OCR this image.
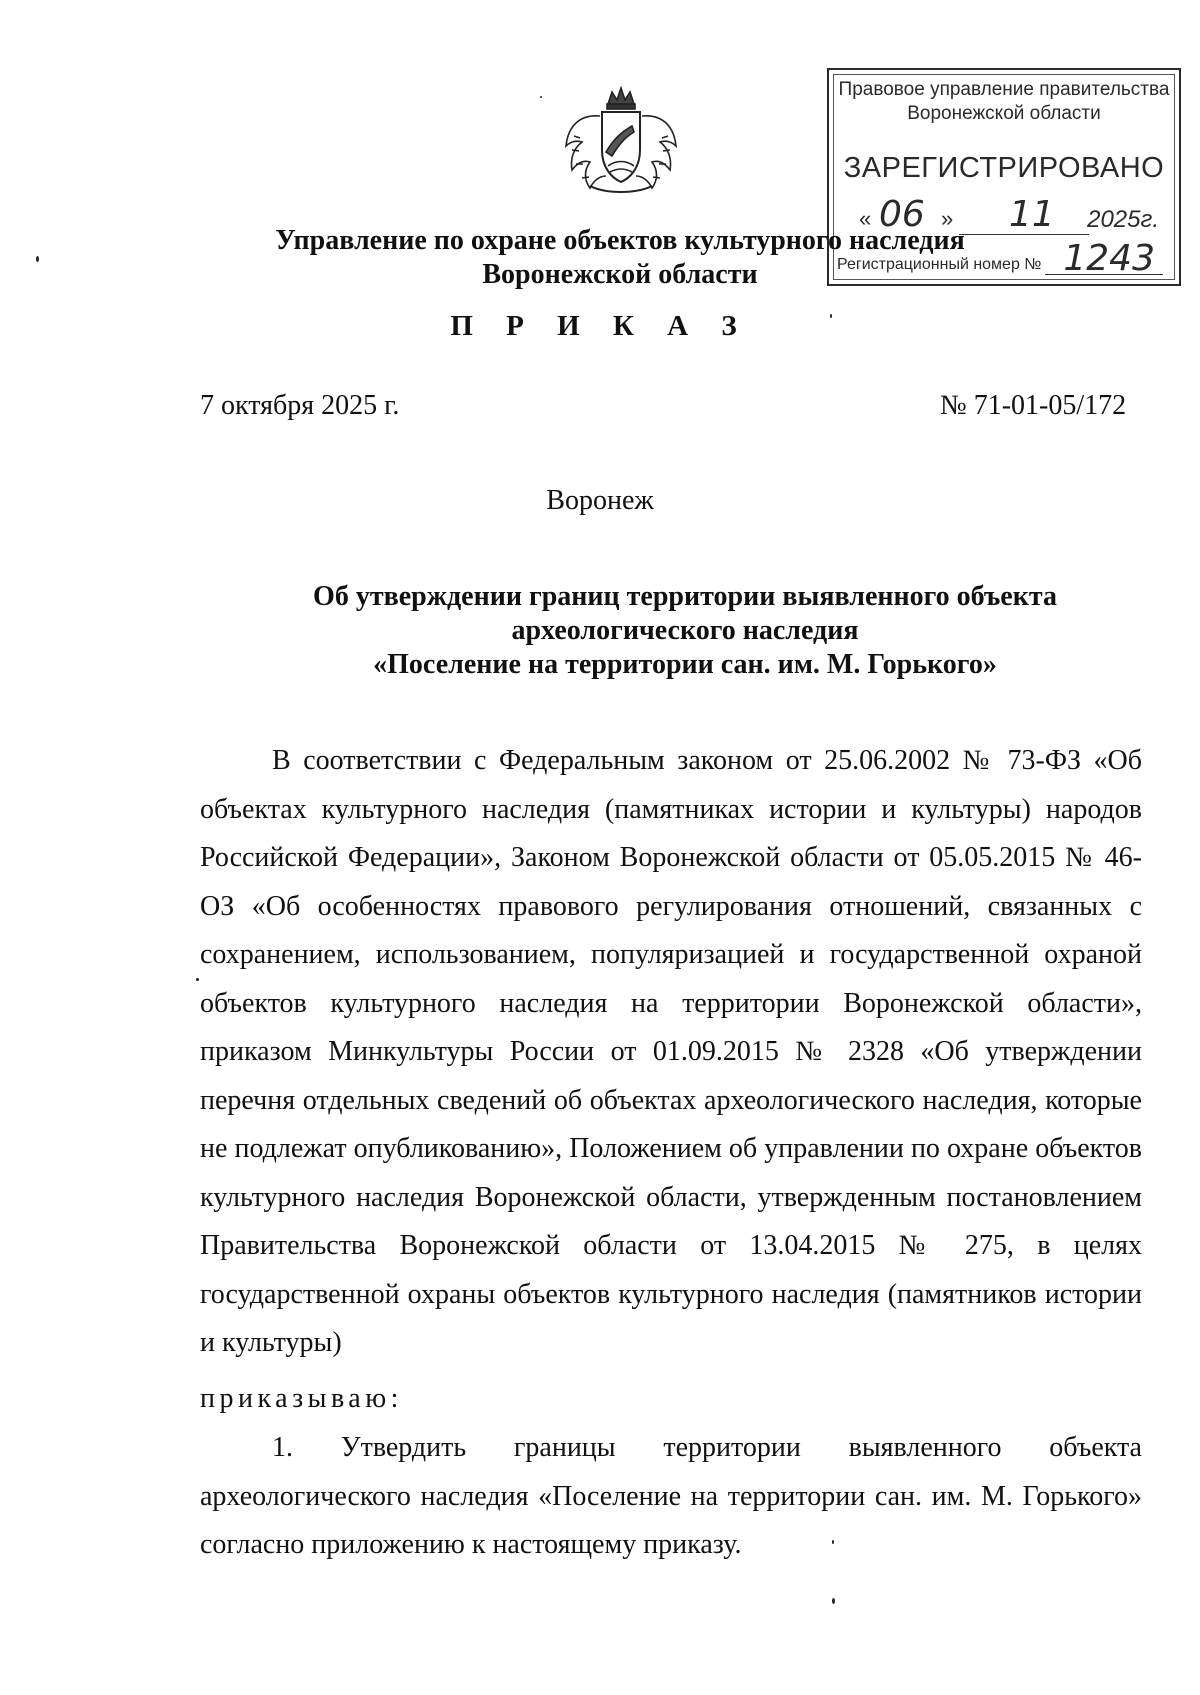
Правовое управление правительства
Воронежской области
ЗАРЕГИСТРИРОВАНО
« 06 » 11 2025г.
Регистрационный номер № 1243
Управление по охране объектов культурного наследия
Воронежской области
П Р И К А З
7 октября 2025 г.	№ 71-01-05/172
Воронеж
Об утверждении границ территории выявленного объекта
археологического наследия
«Поселение на территории сан. им. М. Горького»
В соответствии с Федеральным законом от 25.06.2002 № 73-ФЗ «Об объектах культурного наследия (памятниках истории и культуры) народов Российской Федерации», Законом Воронежской области от 05.05.2015 № 46-ОЗ «Об особенностях правового регулирования отношений, связанных с сохранением, использованием, популяризацией и государственной охраной объектов культурного наследия на территории Воронежской области», приказом Минкультуры России от 01.09.2015 № 2328 «Об утверждении перечня отдельных сведений об объектах археологического наследия, которые не подлежат опубликованию», Положением об управлении по охране объектов культурного наследия Воронежской области, утвержденным постановлением Правительства Воронежской области от 13.04.2015 № 275, в целях государственной охраны объектов культурного наследия (памятников истории и культуры)
приказываю:
1. Утвердить границы территории выявленного объекта археологического наследия «Поселение на территории сан. им. М. Горького» согласно приложению к настоящему приказу.
